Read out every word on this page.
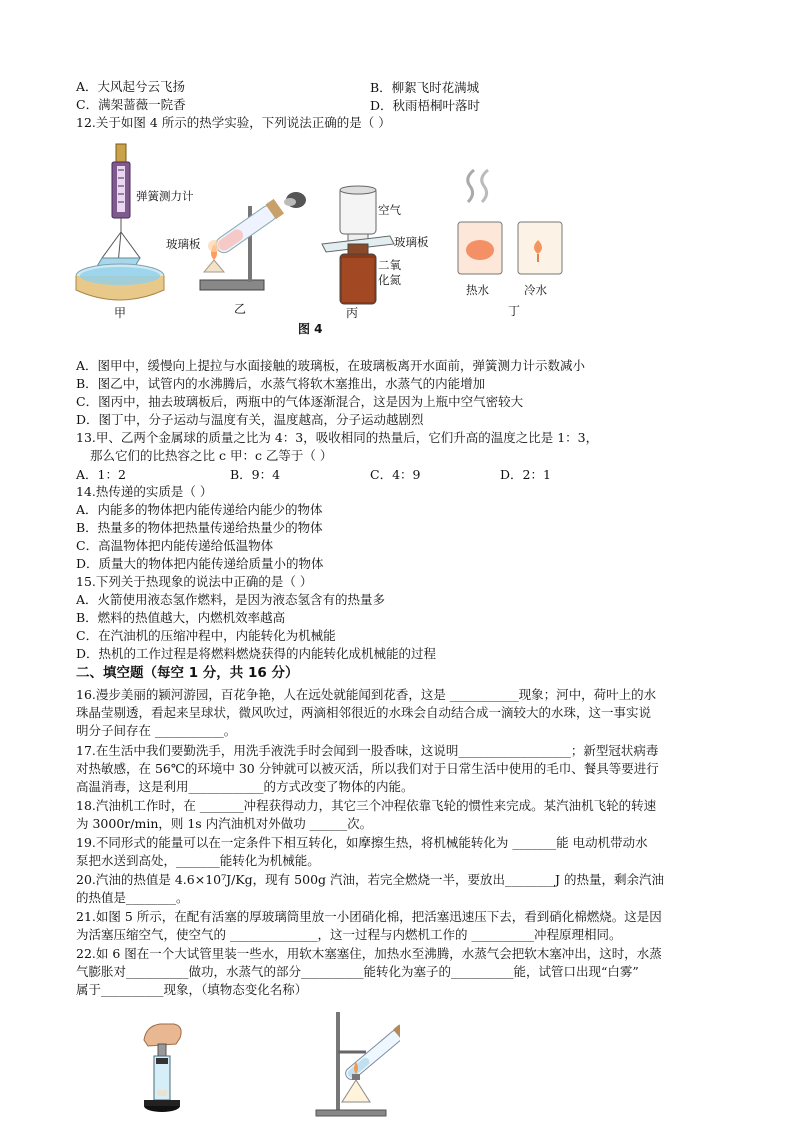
A．大风起兮云飞扬	B．柳絮飞时花满城
C．满架蔷薇一院香	D．秋雨梧桐叶落时
12.关于如图 4 所示的热学实验，下列说法正确的是（ ）
弹簧测力计
玻璃板
甲	乙
空气
玻璃板
二氧
化氮
丙
热水	冷水
丁
图 4
A．图甲中，缓慢向上提拉与水面接触的玻璃板，在玻璃板离开水面前，弹簧测力计示数减小
B．图乙中，试管内的水沸腾后，水蒸气将软木塞推出，水蒸气的内能增加
C．图丙中，抽去玻璃板后，两瓶中的气体逐渐混合，这是因为上瓶中空气密较大
D．图丁中，分子运动与温度有关，温度越高，分子运动越剧烈
13.甲、乙两个金属球的质量之比为 4：3，吸收相同的热量后，它们升高的温度之比是 1：3，
那么它们的比热容之比 c 甲：c 乙等于（ ）
A．1：2	B．9：4	C．4：9	D．2：1
14.热传递的实质是（ ）
A．内能多的物体把内能传递给内能少的物体
B．热量多的物体把热量传递给热量少的物体
C．高温物体把内能传递给低温物体
D．质量大的物体把内能传递给质量小的物体
15.下列关于热现象的说法中正确的是（ ）
A．火箭使用液态氢作燃料，是因为液态氢含有的热量多
B．燃料的热值越大，内燃机效率越高
C．在汽油机的压缩冲程中，内能转化为机械能
D．热机的工作过程是将燃料燃烧获得的内能转化成机械能的过程
二、填空题（每空 1 分，共 16 分）
16.漫步美丽的颍河游园，百花争艳，人在远处就能闻到花香，这是 ___________现象；河中，荷叶上的水
珠晶莹剔透，看起来呈球状，微风吹过，两滴相邻很近的水珠会自动结合成一滴较大的水珠，这一事实说
明分子间存在 ___________。
17.在生活中我们要勤洗手，用洗手液洗手时会闻到一股香味，这说明__________________；新型冠状病毒
对热敏感，在 56℃的环境中 30 分钟就可以被灭活，所以我们对于日常生活中使用的毛巾、餐具等要进行
高温消毒，这是利用____________的方式改变了物体的内能。
18.汽油机工作时，在 _______冲程获得动力，其它三个冲程依靠飞轮的惯性来完成。某汽油机飞轮的转速
为 3000r/min，则 1s 内汽油机对外做功 ______次。
19.不同形式的能量可以在一定条件下相互转化，如摩擦生热，将机械能转化为 _______能 电动机带动水
泵把水送到高处，_______能转化为机械能。
20.汽油的热值是 4.6×10⁷J/Kg，现有 500g 汽油，若完全燃烧一半，要放出________J 的热量，剩余汽油
的热值是________。
21.如图 5 所示，在配有活塞的厚玻璃筒里放一小团硝化棉，把活塞迅速压下去，看到硝化棉燃烧。这是因
为活塞压缩空气，使空气的 ______________，这一过程与内燃机工作的 __________冲程原理相同。
22.如 6 图在一个大试管里装一些水，用软木塞塞住，加热水至沸腾，水蒸气会把软木塞冲出，这时，水蒸
气膨胀对__________做功，水蒸气的部分__________能转化为塞子的__________能，试管口出现“白雾”
属于__________现象，（填物态变化名称）
